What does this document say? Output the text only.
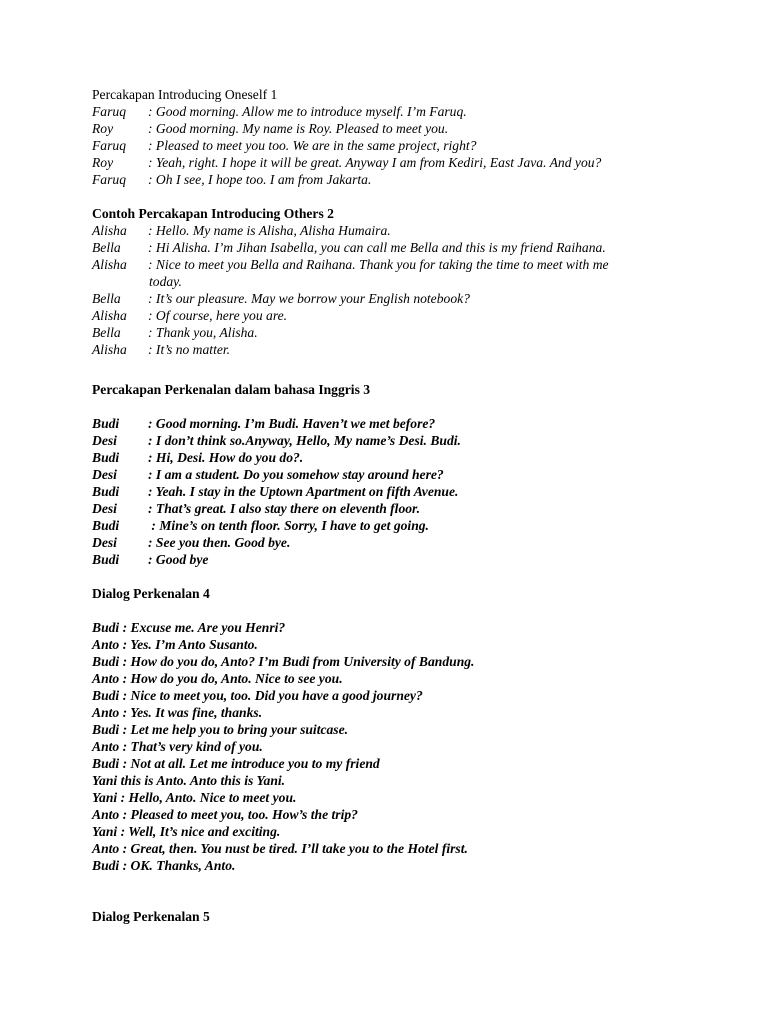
Percakapan Introducing Oneself 1
Faruq : Good morning. Allow me to introduce myself. I’m Faruq.
Roy	: Good morning. My name is Roy. Pleased to meet you.
Faruq : Pleased to meet you too. We are in the same project, right?
Roy	: Yeah, right. I hope it will be great. Anyway I am from Kediri, East Java. And you?
Faruq : Oh I see, I hope too. I am from Jakarta.
Contoh Percakapan Introducing Others 2
Alisha : Hello. My name is Alisha, Alisha Humaira.
Bella : Hi Alisha. I’m Jihan Isabella, you can call me Bella and this is my friend Raihana.
Alisha : Nice to meet you Bella and Raihana. Thank you for taking the time to meet with me
today.
Bella : It’s our pleasure. May we borrow your English notebook?
Alisha : Of course, here you are.
Bella : Thank you, Alisha.
Alisha : It’s no matter.
Percakapan Perkenalan dalam bahasa Inggris 3
Budi : Good morning. I’m Budi. Haven’t we met before?
Desi : I don’t think so.Anyway, Hello, My name’s Desi. Budi.
Budi : Hi, Desi. How do you do?.
Desi : I am a student. Do you somehow stay around here?
Budi : Yeah. I stay in the Uptown Apartment on fifth Avenue.
Desi : That’s great. I also stay there on eleventh floor.
Budi : Mine’s on tenth floor. Sorry, I have to get going.
Desi : See you then. Good bye.
Budi : Good bye
Dialog Perkenalan 4
Budi : Excuse me. Are you Henri?
Anto : Yes. I’m Anto Susanto.
Budi : How do you do, Anto? I’m Budi from University of Bandung.
Anto : How do you do, Anto. Nice to see you.
Budi : Nice to meet you, too. Did you have a good journey?
Anto : Yes. It was fine, thanks.
Budi : Let me help you to bring your suitcase.
Anto : That’s very kind of you.
Budi : Not at all. Let me introduce you to my friend
Yani this is Anto. Anto this is Yani.
Yani : Hello, Anto. Nice to meet you.
Anto : Pleased to meet you, too. How’s the trip?
Yani : Well, It’s nice and exciting.
Anto : Great, then. You nust be tired. I’ll take you to the Hotel first.
Budi : OK. Thanks, Anto.
Dialog Perkenalan 5
